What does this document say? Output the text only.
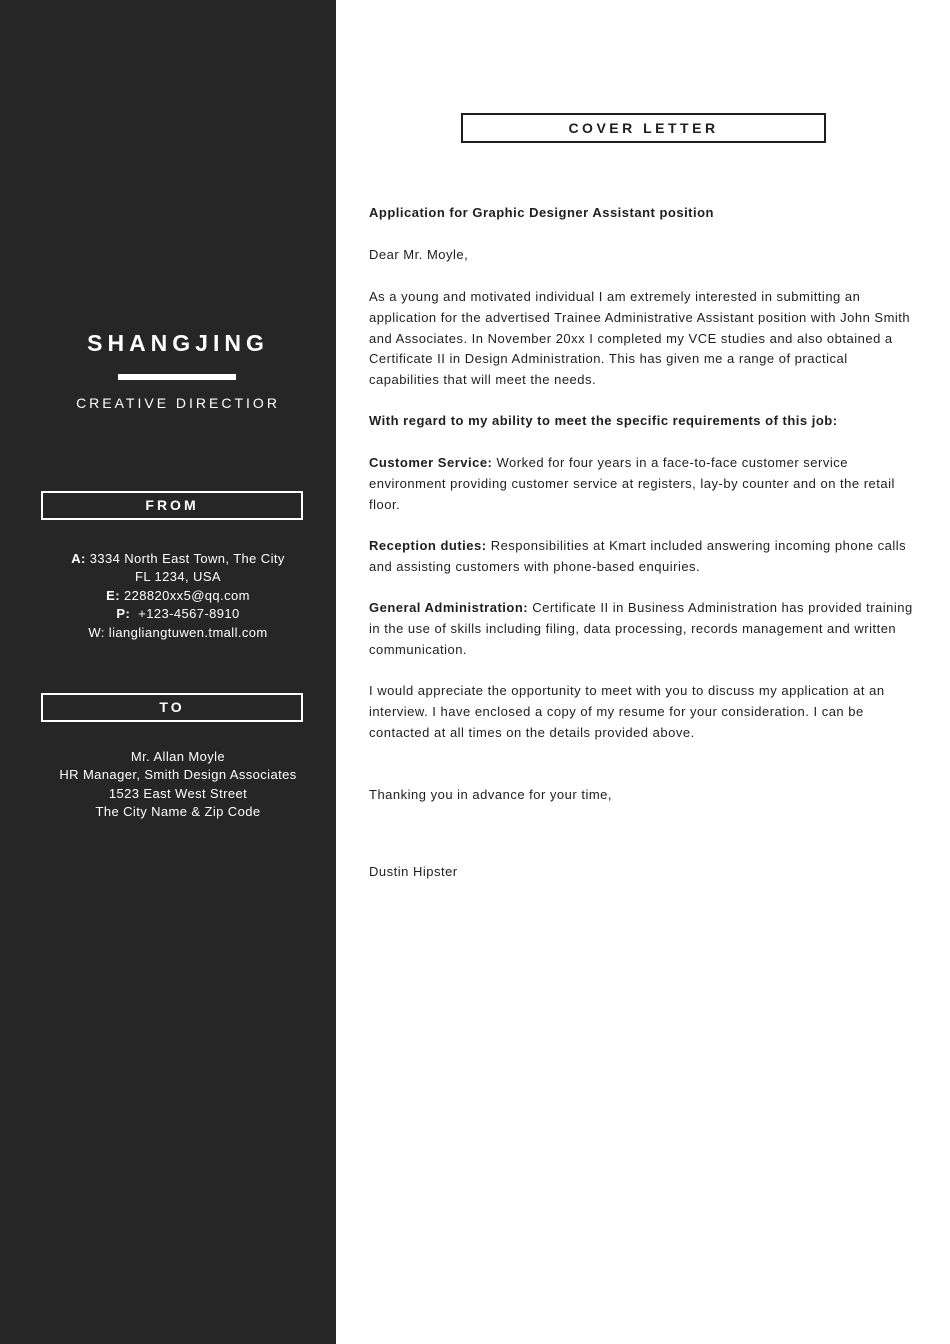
SHANGJING
CREATIVE DIRECTIOR
FROM
A: 3334 North East Town, The City
FL 1234, USA
E: 228820xx5@qq.com
P: +123-4567-8910
W: liangliangtuwen.tmall.com
TO
Mr. Allan Moyle
HR Manager, Smith Design Associates
1523 East West Street
The City Name & Zip Code
COVER LETTER

Application for Graphic Designer Assistant position

Dear Mr. Moyle,

As a young and motivated individual I am extremely interested in submitting an application for the advertised Trainee Administrative Assistant position with John Smith and Associates. In November 20xx I completed my VCE studies and also obtained a Certificate II in Design Administration. This has given me a range of practical capabilities that will meet the needs.

With regard to my ability to meet the specific requirements of this job:

Customer Service: Worked for four years in a face-to-face customer service environment providing customer service at registers, lay-by counter and on the retail floor.

Reception duties: Responsibilities at Kmart included answering incoming phone calls and assisting customers with phone-based enquiries.

General Administration: Certificate II in Business Administration has provided training in the use of skills including filing, data processing, records management and written communication.

I would appreciate the opportunity to meet with you to discuss my application at an interview. I have enclosed a copy of my resume for your consideration. I can be contacted at all times on the details provided above.

Thanking you in advance for your time,

Dustin Hipster
